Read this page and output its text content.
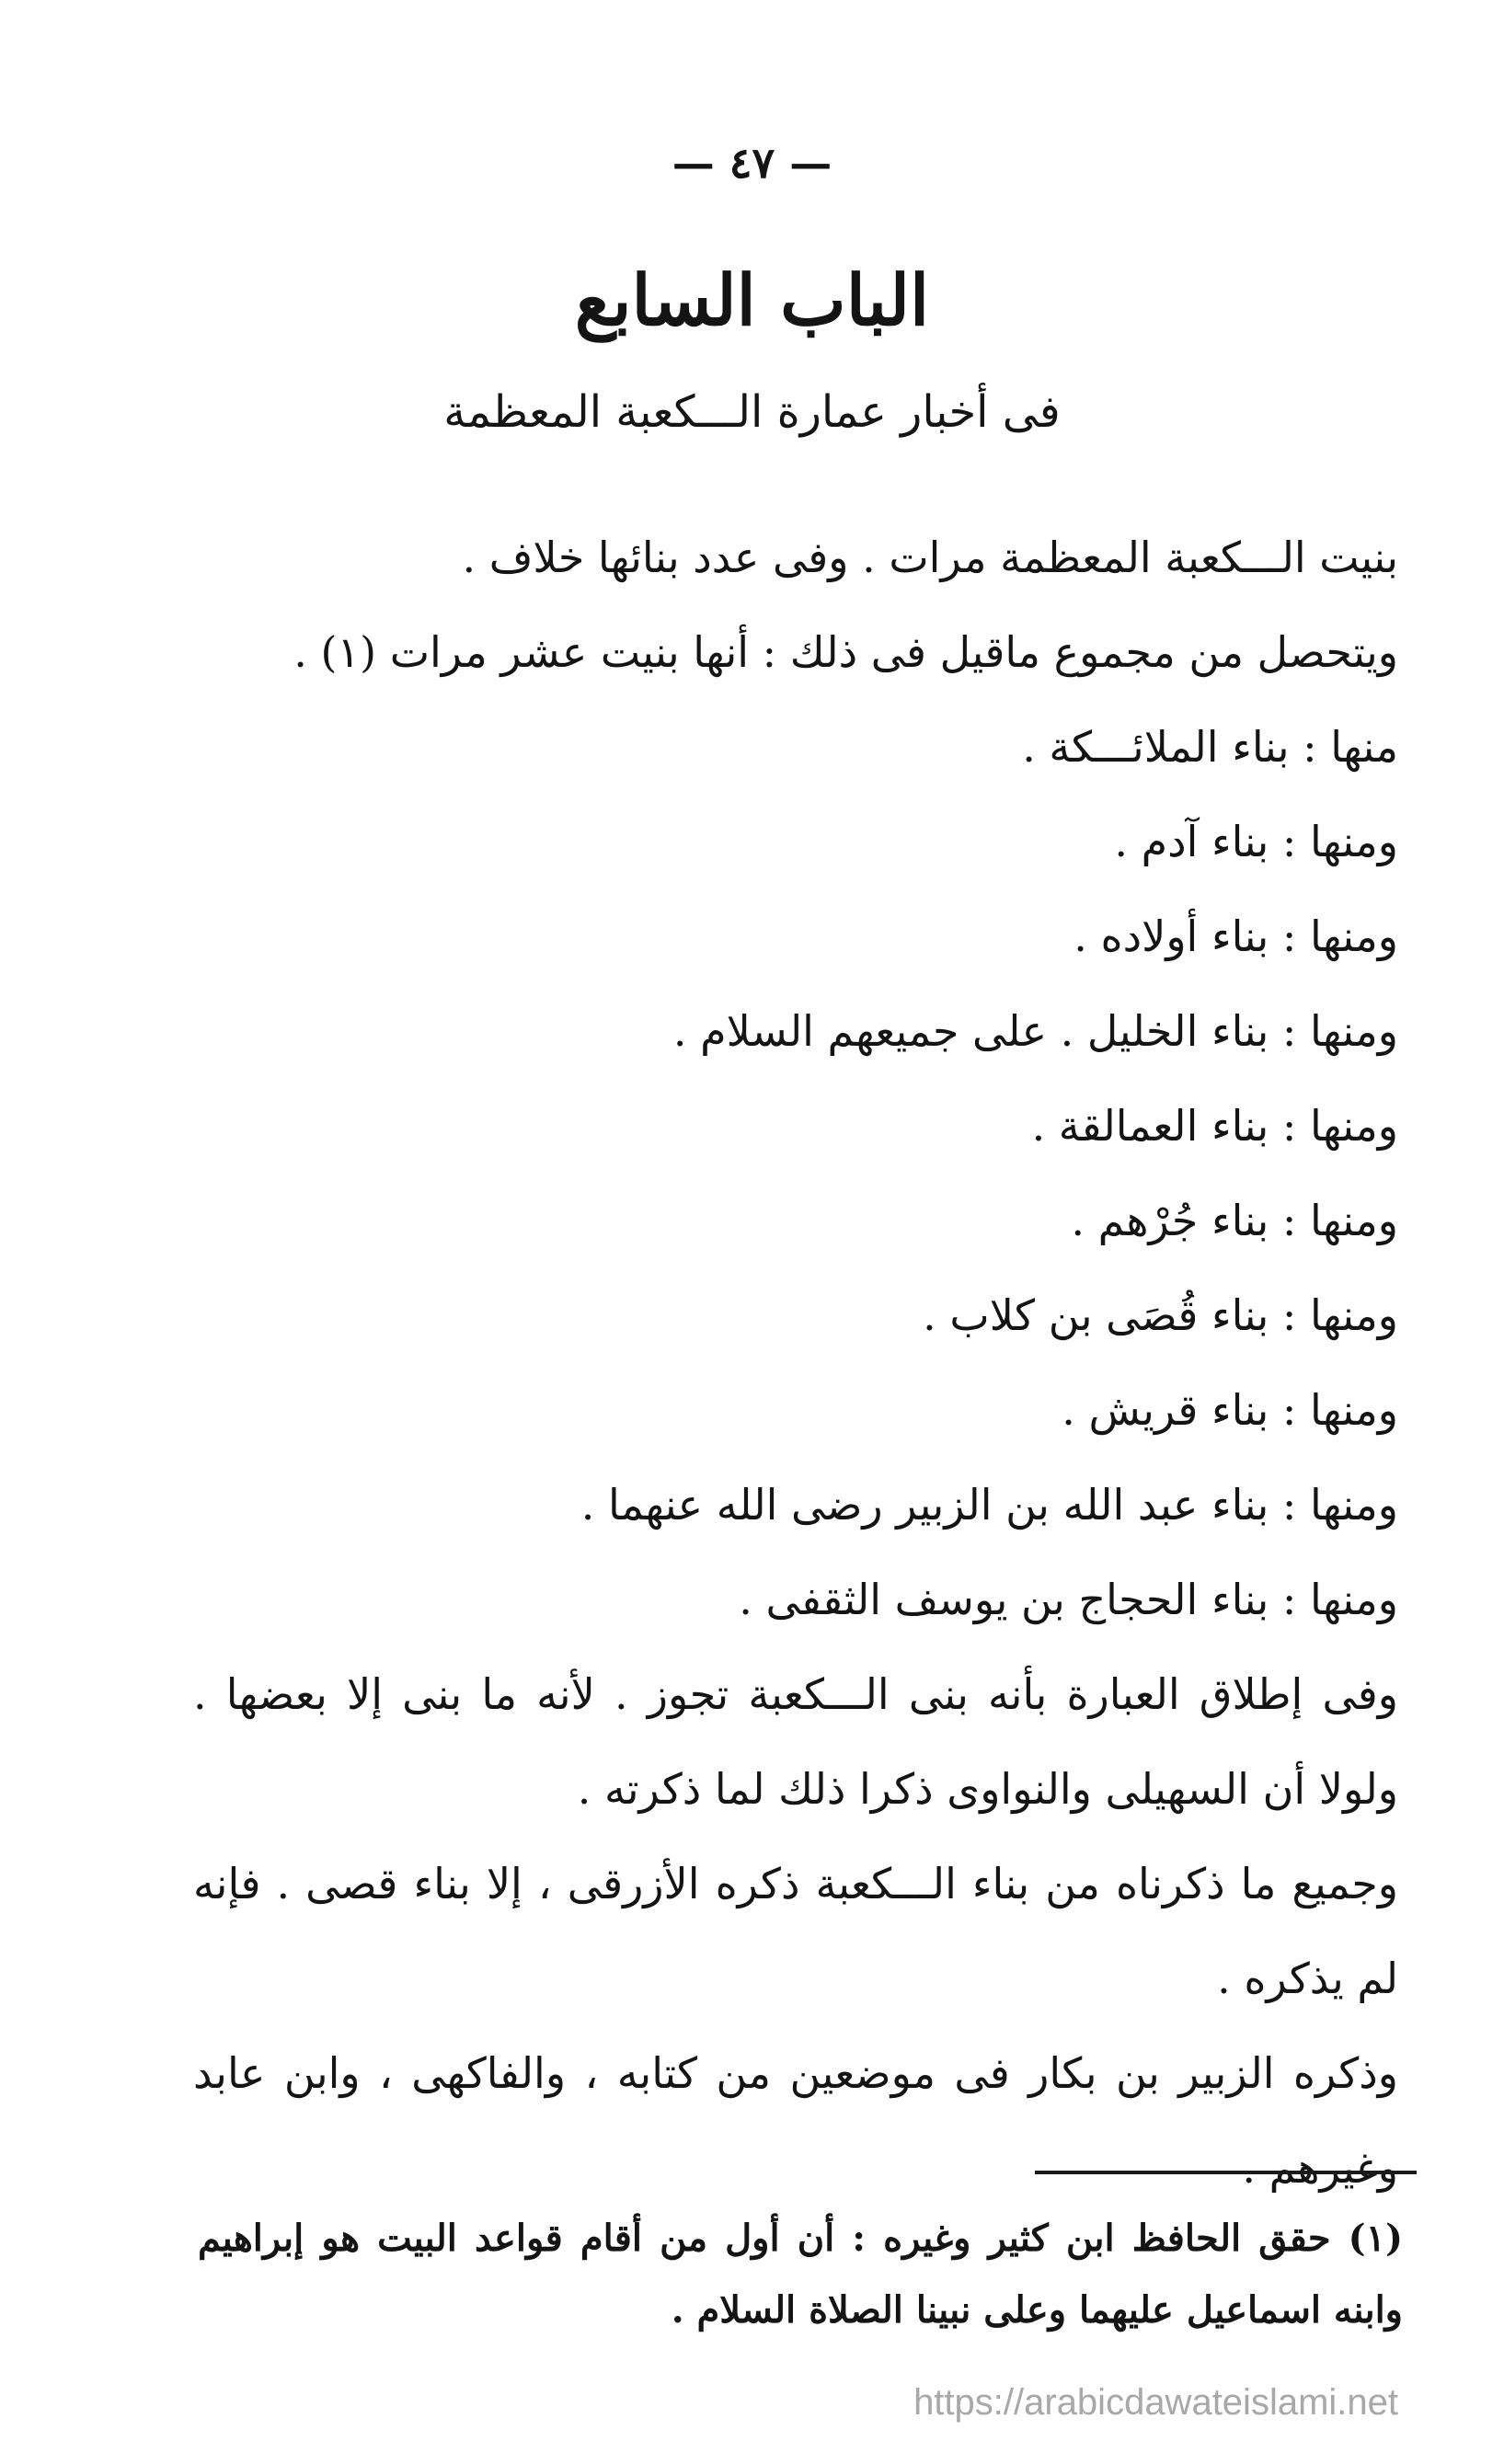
— ٤٧ —
الباب السابع
فى أخبار عمارة الـــكعبة المعظمة

بنيت الـــكعبة المعظمة مرات . وفى عدد بنائها خلاف .

ويتحصل من مجموع ماقيل فى ذلك : أنها بنيت عشر مرات (١) .

منها : بناء الملائـــكة .

ومنها : بناء آدم .

ومنها : بناء أولاده .

ومنها : بناء الخليل . على جميعهم السلام .

ومنها : بناء العمالقة .

ومنها : بناء جُرْهم .

ومنها : بناء قُصَى بن كلاب .

ومنها : بناء قريش .

ومنها : بناء عبد الله بن الزبير رضى الله عنهما .

ومنها : بناء الحجاج بن يوسف الثقفى .

وفى إطلاق العبارة بأنه بنى الـــكعبة تجوز . لأنه ما بنى إلا بعضها . ولولا أن السهيلى والنواوى ذكرا ذلك لما ذكرته .

وجميع ما ذكرناه من بناء الـــكعبة ذكره الأزرقى ، إلا بناء قصى . فإنه لم يذكره .

وذكره الزبير بن بكار فى موضعين من كتابه ، والفاكهى ، وابن عابد وغيرهم .

(١) حقق الحافظ ابن كثير وغيره : أن أول من أقام قواعد البيت هو إبراهيم وابنه اسماعيل عليهما وعلى نبينا الصلاة السلام .
https://arabicdawateislami.net
